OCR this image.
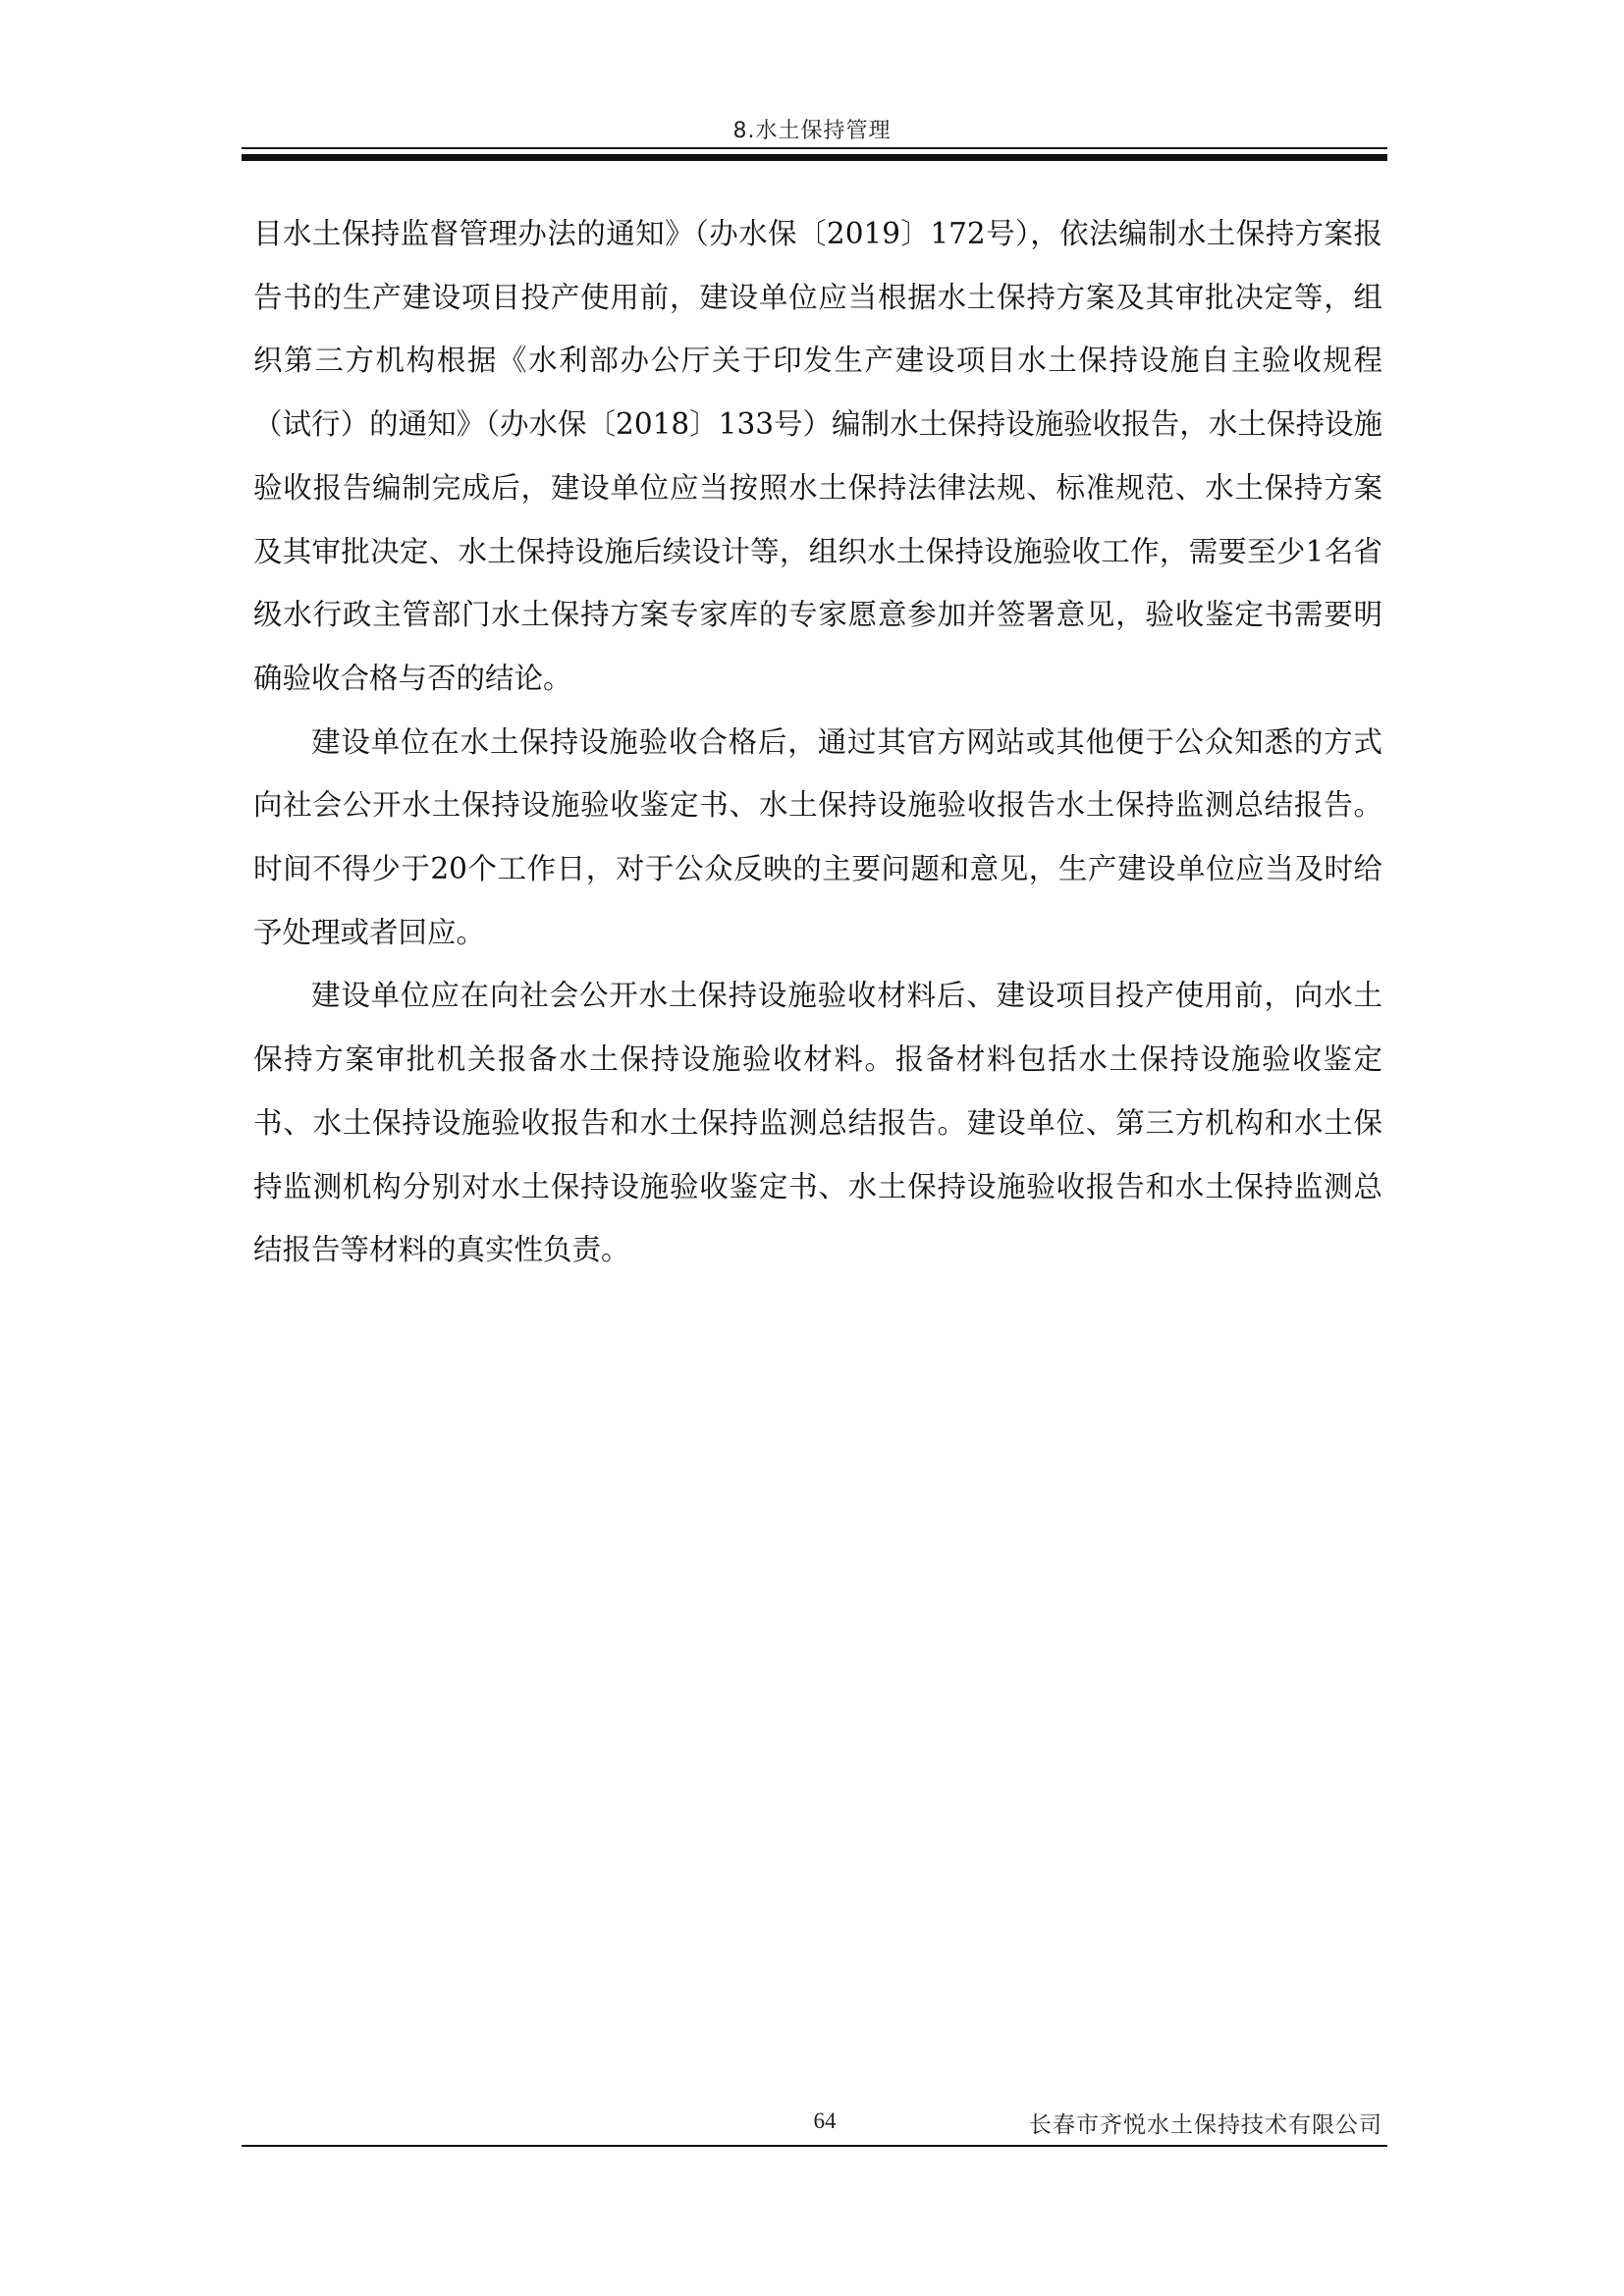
8.水土保持管理

目水土保持监督管理办法的通知》（办水保〔2019〕172号），依法编制水土保持方案报告书的生产建设项目投产使用前，建设单位应当根据水土保持方案及其审批决定等，组织第三方机构根据《水利部办公厅关于印发生产建设项目水土保持设施自主验收规程（试行）的通知》（办水保〔2018〕133号）编制水土保持设施验收报告，水土保持设施验收报告编制完成后，建设单位应当按照水土保持法律法规、标准规范、水土保持方案及其审批决定、水土保持设施后续设计等，组织水土保持设施验收工作，需要至少1名省级水行政主管部门水土保持方案专家库的专家愿意参加并签署意见，验收鉴定书需要明确验收合格与否的结论。

建设单位在水土保持设施验收合格后，通过其官方网站或其他便于公众知悉的方式向社会公开水土保持设施验收鉴定书、水土保持设施验收报告水土保持监测总结报告。时间不得少于20个工作日，对于公众反映的主要问题和意见，生产建设单位应当及时给予处理或者回应。

建设单位应在向社会公开水土保持设施验收材料后、建设项目投产使用前，向水土保持方案审批机关报备水土保持设施验收材料。报备材料包括水土保持设施验收鉴定书、水土保持设施验收报告和水土保持监测总结报告。建设单位、第三方机构和水土保持监测机构分别对水土保持设施验收鉴定书、水土保持设施验收报告和水土保持监测总结报告等材料的真实性负责。

64	长春市齐悦水土保持技术有限公司
